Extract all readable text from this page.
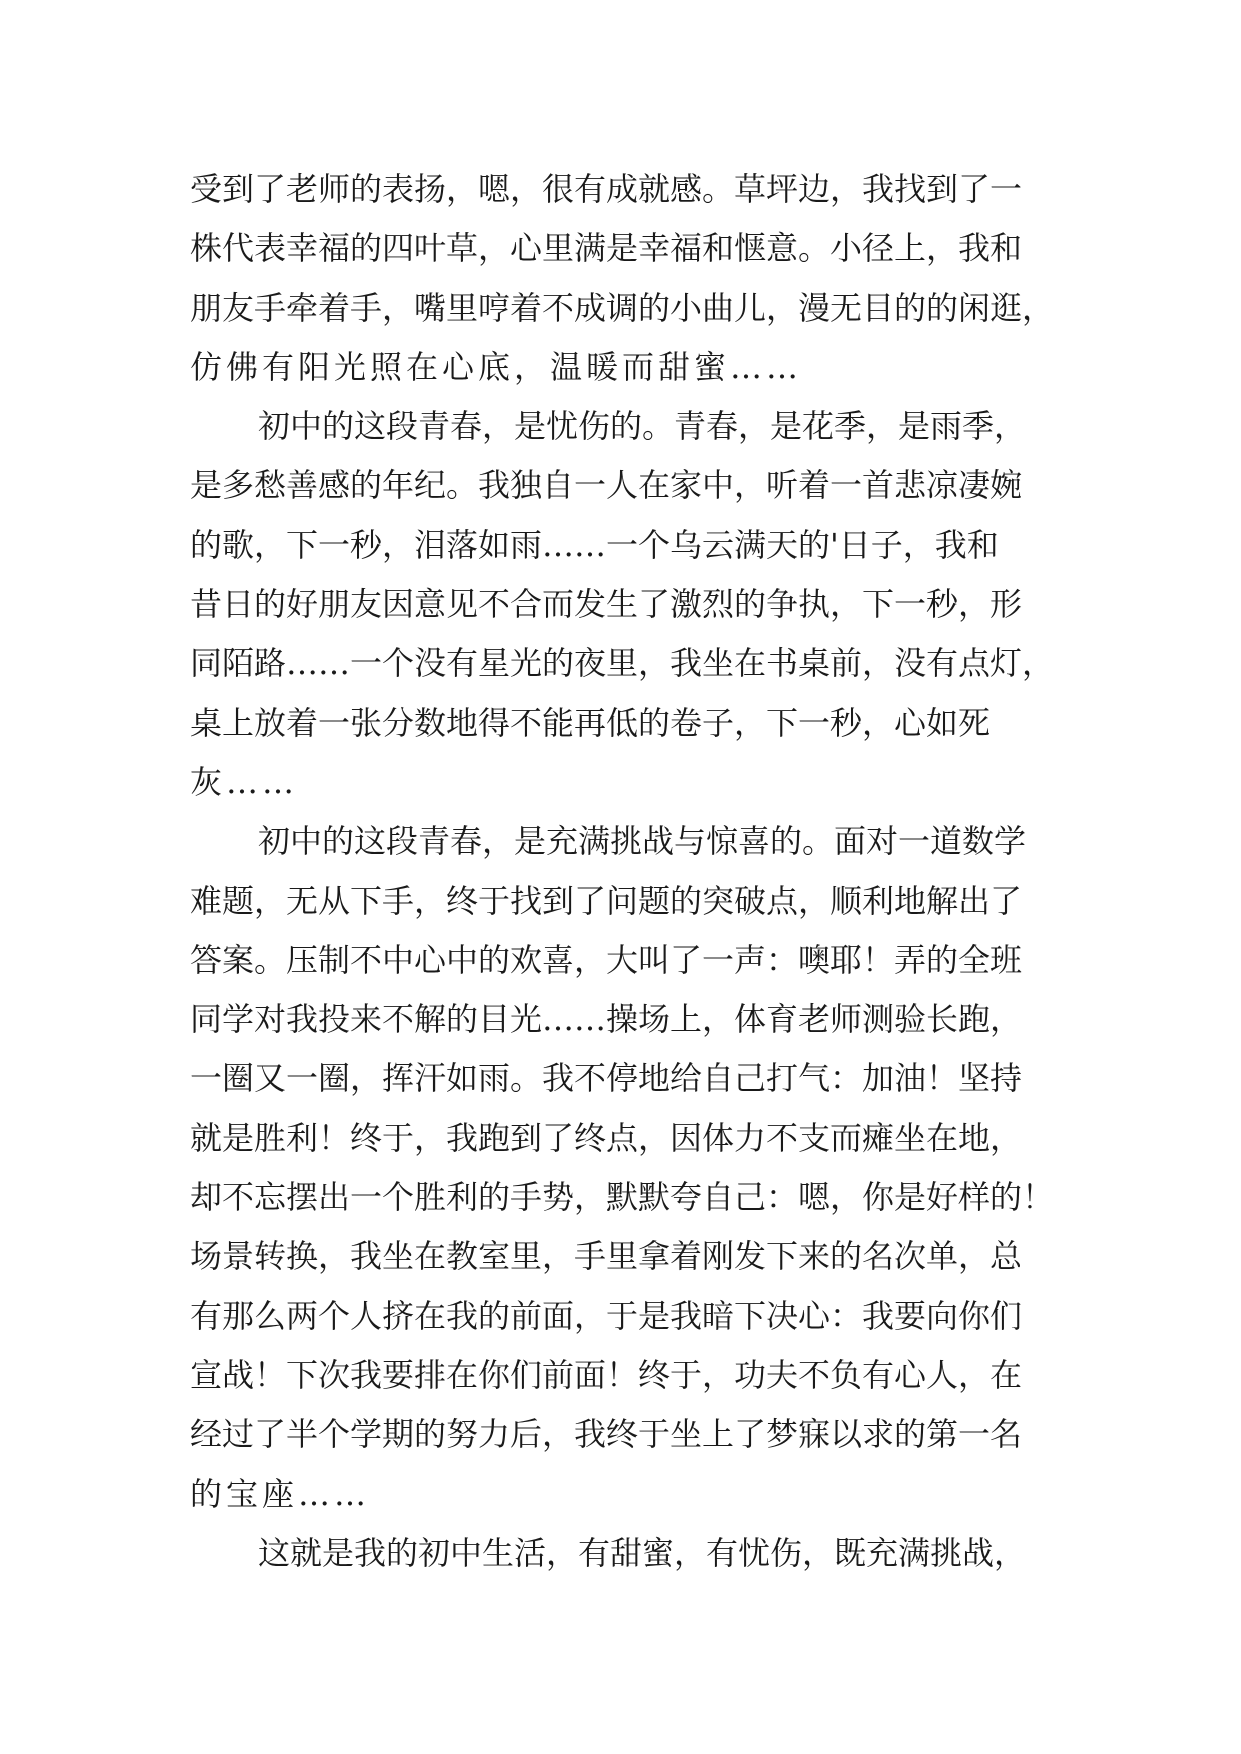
受到了老师的表扬，嗯，很有成就感。草坪边，我找到了一
株代表幸福的四叶草，心里满是幸福和惬意。小径上，我和
朋友手牵着手，嘴里哼着不成调的小曲儿，漫无目的的闲逛，
仿佛有阳光照在心底，温暖而甜蜜……
初中的这段青春，是忧伤的。青春，是花季，是雨季，
是多愁善感的年纪。我独自一人在家中，听着一首悲凉凄婉
的歌，下一秒，泪落如雨……一个乌云满天的'日子，我和
昔日的好朋友因意见不合而发生了激烈的争执，下一秒，形
同陌路……一个没有星光的夜里，我坐在书桌前，没有点灯，
桌上放着一张分数地得不能再低的卷子，下一秒，心如死
灰……
初中的这段青春，是充满挑战与惊喜的。面对一道数学
难题，无从下手，终于找到了问题的突破点，顺利地解出了
答案。压制不中心中的欢喜，大叫了一声：噢耶！弄的全班
同学对我投来不解的目光……操场上，体育老师测验长跑，
一圈又一圈，挥汗如雨。我不停地给自己打气：加油！坚持
就是胜利！终于，我跑到了终点，因体力不支而瘫坐在地，
却不忘摆出一个胜利的手势，默默夸自己：嗯，你是好样的！
场景转换，我坐在教室里，手里拿着刚发下来的名次单，总
有那么两个人挤在我的前面，于是我暗下决心：我要向你们
宣战！下次我要排在你们前面！终于，功夫不负有心人，在
经过了半个学期的努力后，我终于坐上了梦寐以求的第一名
的宝座……
这就是我的初中生活，有甜蜜，有忧伤，既充满挑战，
